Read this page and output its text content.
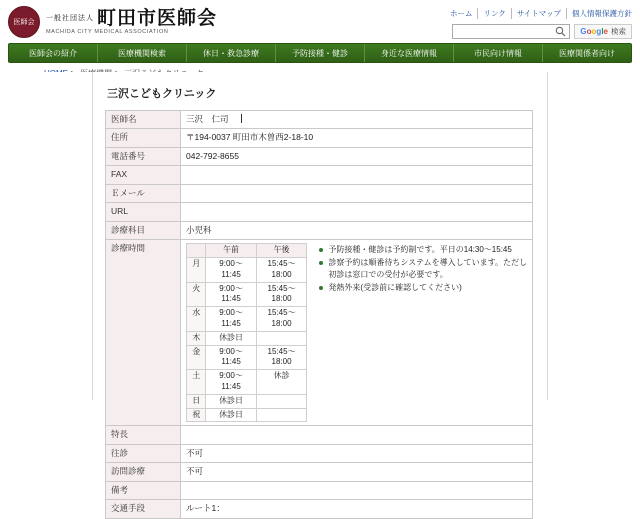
医師会
一般社団法人 町田市医師会
MACHIDA CITY MEDICAL ASSOCIATION
ホーム	リンク	サイトマップ	個人情報保護方針
Google 検索
医師会の紹介	医療機関検索	休日・救急診療	予防接種・健診	身近な医療情報	市民向け情報	医療関係者向け
三沢こどもクリニック
医師名	三沢　仁司
住所	〒194-0037 町田市木曽西2-18-10
電話番号	042-792-8655
FAX	
Ｅメール	
URL	
診療科目	小児科
診療時間	
		午前	午後
月	9:00～11:45	15:45～18:00
火	9:00～11:45	15:45～18:00
水	9:00～11:45	15:45～18:00
木	休診日	
金	9:00～11:45	15:45～18:00
土	9:00～11:45	休診
日	休診日	
祝	休診日	
予防接種・健診は予約制です。平日の14:30～15:45
診察予約は順番待ちシステムを導入しています。ただし初診は窓口での受付が必要です。
発熱外来(受診前に確認してください)

特長	
往診	不可
訪問診療	不可
備考	
交通手段	ルート1：
